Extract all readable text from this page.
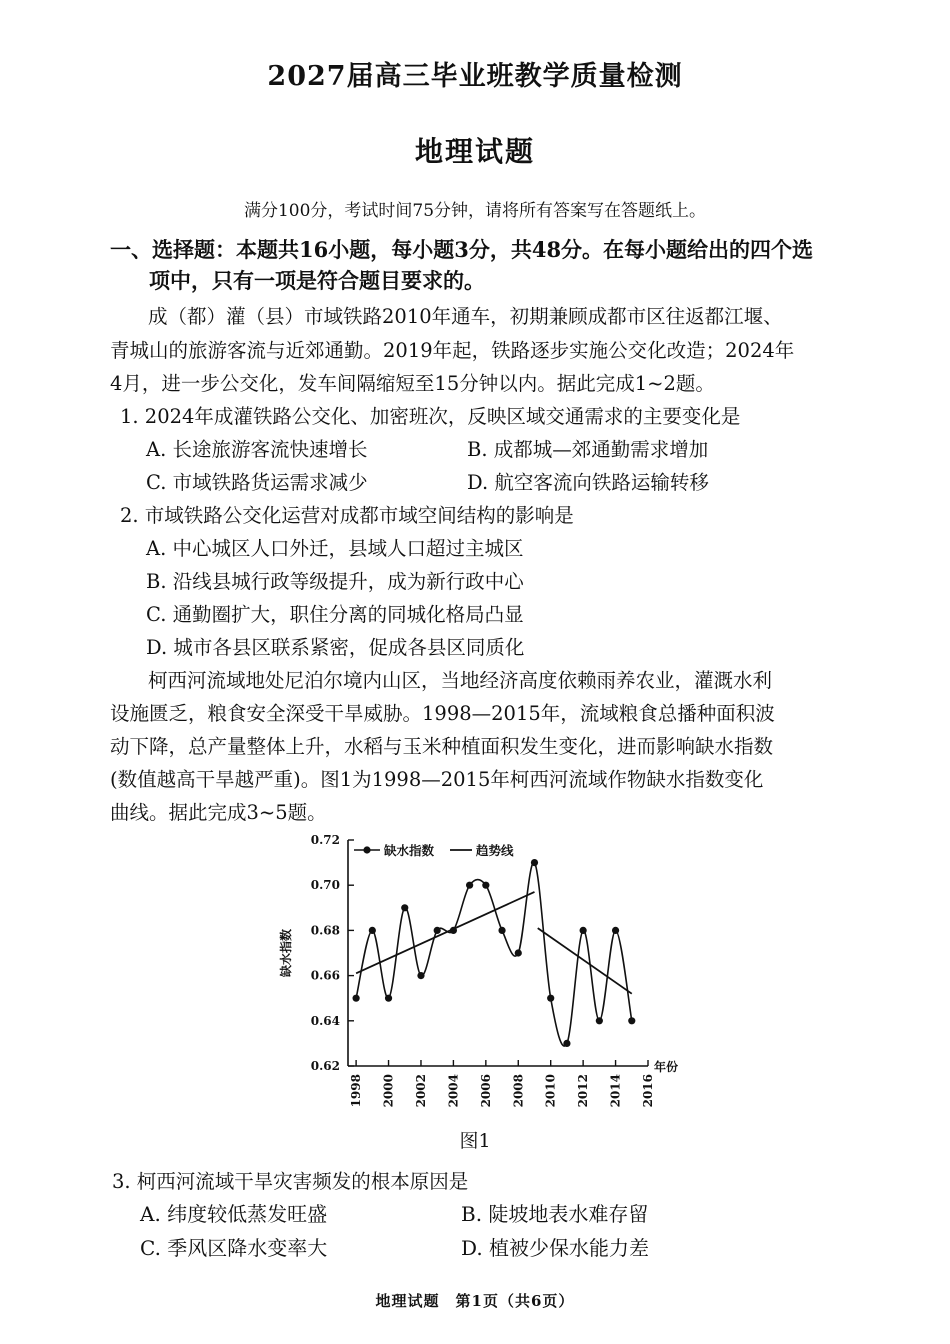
2027届高三毕业班教学质量检测
地理试题
满分100分，考试时间75分钟，请将所有答案写在答题纸上。
一、选择题：本题共16小题，每小题3分，共48分。在每小题给出的四个选
项中，只有一项是符合题目要求的。
成（都）灌（县）市域铁路2010年通车，初期兼顾成都市区往返都江堰、
青城山的旅游客流与近郊通勤。2019年起，铁路逐步实施公交化改造；2024年
4月，进一步公交化，发车间隔缩短至15分钟以内。据此完成1~2题。
1. 2024年成灌铁路公交化、加密班次，反映区域交通需求的主要变化是
A. 长途旅游客流快速增长	B. 成都城—郊通勤需求增加
C. 市域铁路货运需求减少	D. 航空客流向铁路运输转移
2. 市域铁路公交化运营对成都市域空间结构的影响是
A. 中心城区人口外迁，县域人口超过主城区
B. 沿线县城行政等级提升，成为新行政中心
C. 通勤圈扩大，职住分离的同城化格局凸显
D. 城市各县区联系紧密，促成各县区同质化
柯西河流域地处尼泊尔境内山区，当地经济高度依赖雨养农业，灌溉水利
设施匮乏，粮食安全深受干旱威胁。1998—2015年，流域粮食总播种面积波
动下降，总产量整体上升，水稻与玉米种植面积发生变化，进而影响缺水指数
(数值越高干旱越严重)。图1为1998—2015年柯西河流域作物缺水指数变化
曲线。据此完成3~5题。
0.62
0.64
0.66
0.68
0.70
0.72
1998 2000 2002 2004 2006 2008 2010 2012 2014 2016
年份
缺水指数
缺水指数	趋势线
图1
3. 柯西河流域干旱灾害频发的根本原因是
A. 纬度较低蒸发旺盛	B. 陡坡地表水难存留
C. 季风区降水变率大	D. 植被少保水能力差
地理试题　第1页（共6页）
